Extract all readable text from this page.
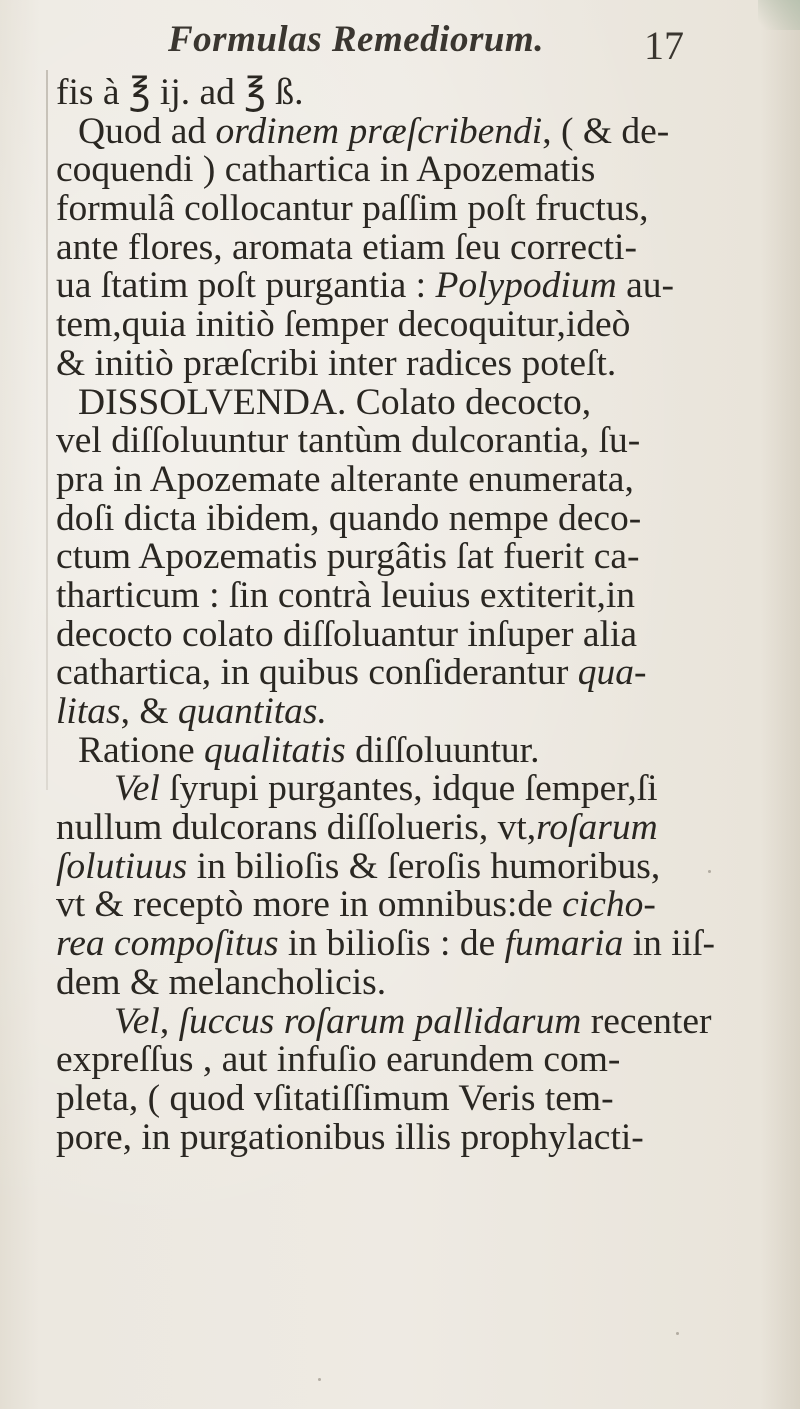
Formulas Remediorum.	17
fis à ℥ ij. ad ℥ ß.
Quod ad ordinem præſcribendi, ( & de-
coquendi ) cathartica in Apozematis
formulâ collocantur paſſim poſt fructus,
ante flores, aromata etiam ſeu correcti-
ua ſtatim poſt purgantia : Polypodium au-
tem,quia initiò ſemper decoquitur,ideò
& initiò præſcribi inter radices poteſt.
DISSOLVENDA. Colato decocto,
vel diſſoluuntur tantùm dulcorantia, ſu-
pra in Apozemate alterante enumerata,
doſi dicta ibidem, quando nempe deco-
ctum Apozematis purgâtis ſat fuerit ca-
tharticum : ſin contrà leuius extiterit,in
decocto colato diſſoluantur inſuper alia
cathartica, in quibus conſiderantur qua-
litas, & quantitas.
Ratione qualitatis diſſoluuntur.
Vel ſyrupi purgantes, idque ſemper,ſi
nullum dulcorans diſſolueris, vt,roſarum
ſolutiuus in bilioſis & ſeroſis humoribus,
vt & receptò more in omnibus:de cicho-
rea compoſitus in bilioſis : de fumaria in iiſ-
dem & melancholicis.
Vel, ſuccus roſarum pallidarum recenter
expreſſus , aut infuſio earundem com-
pleta, ( quod vſitatiſſimum Veris tem-
pore, in purgationibus illis prophylacti-
